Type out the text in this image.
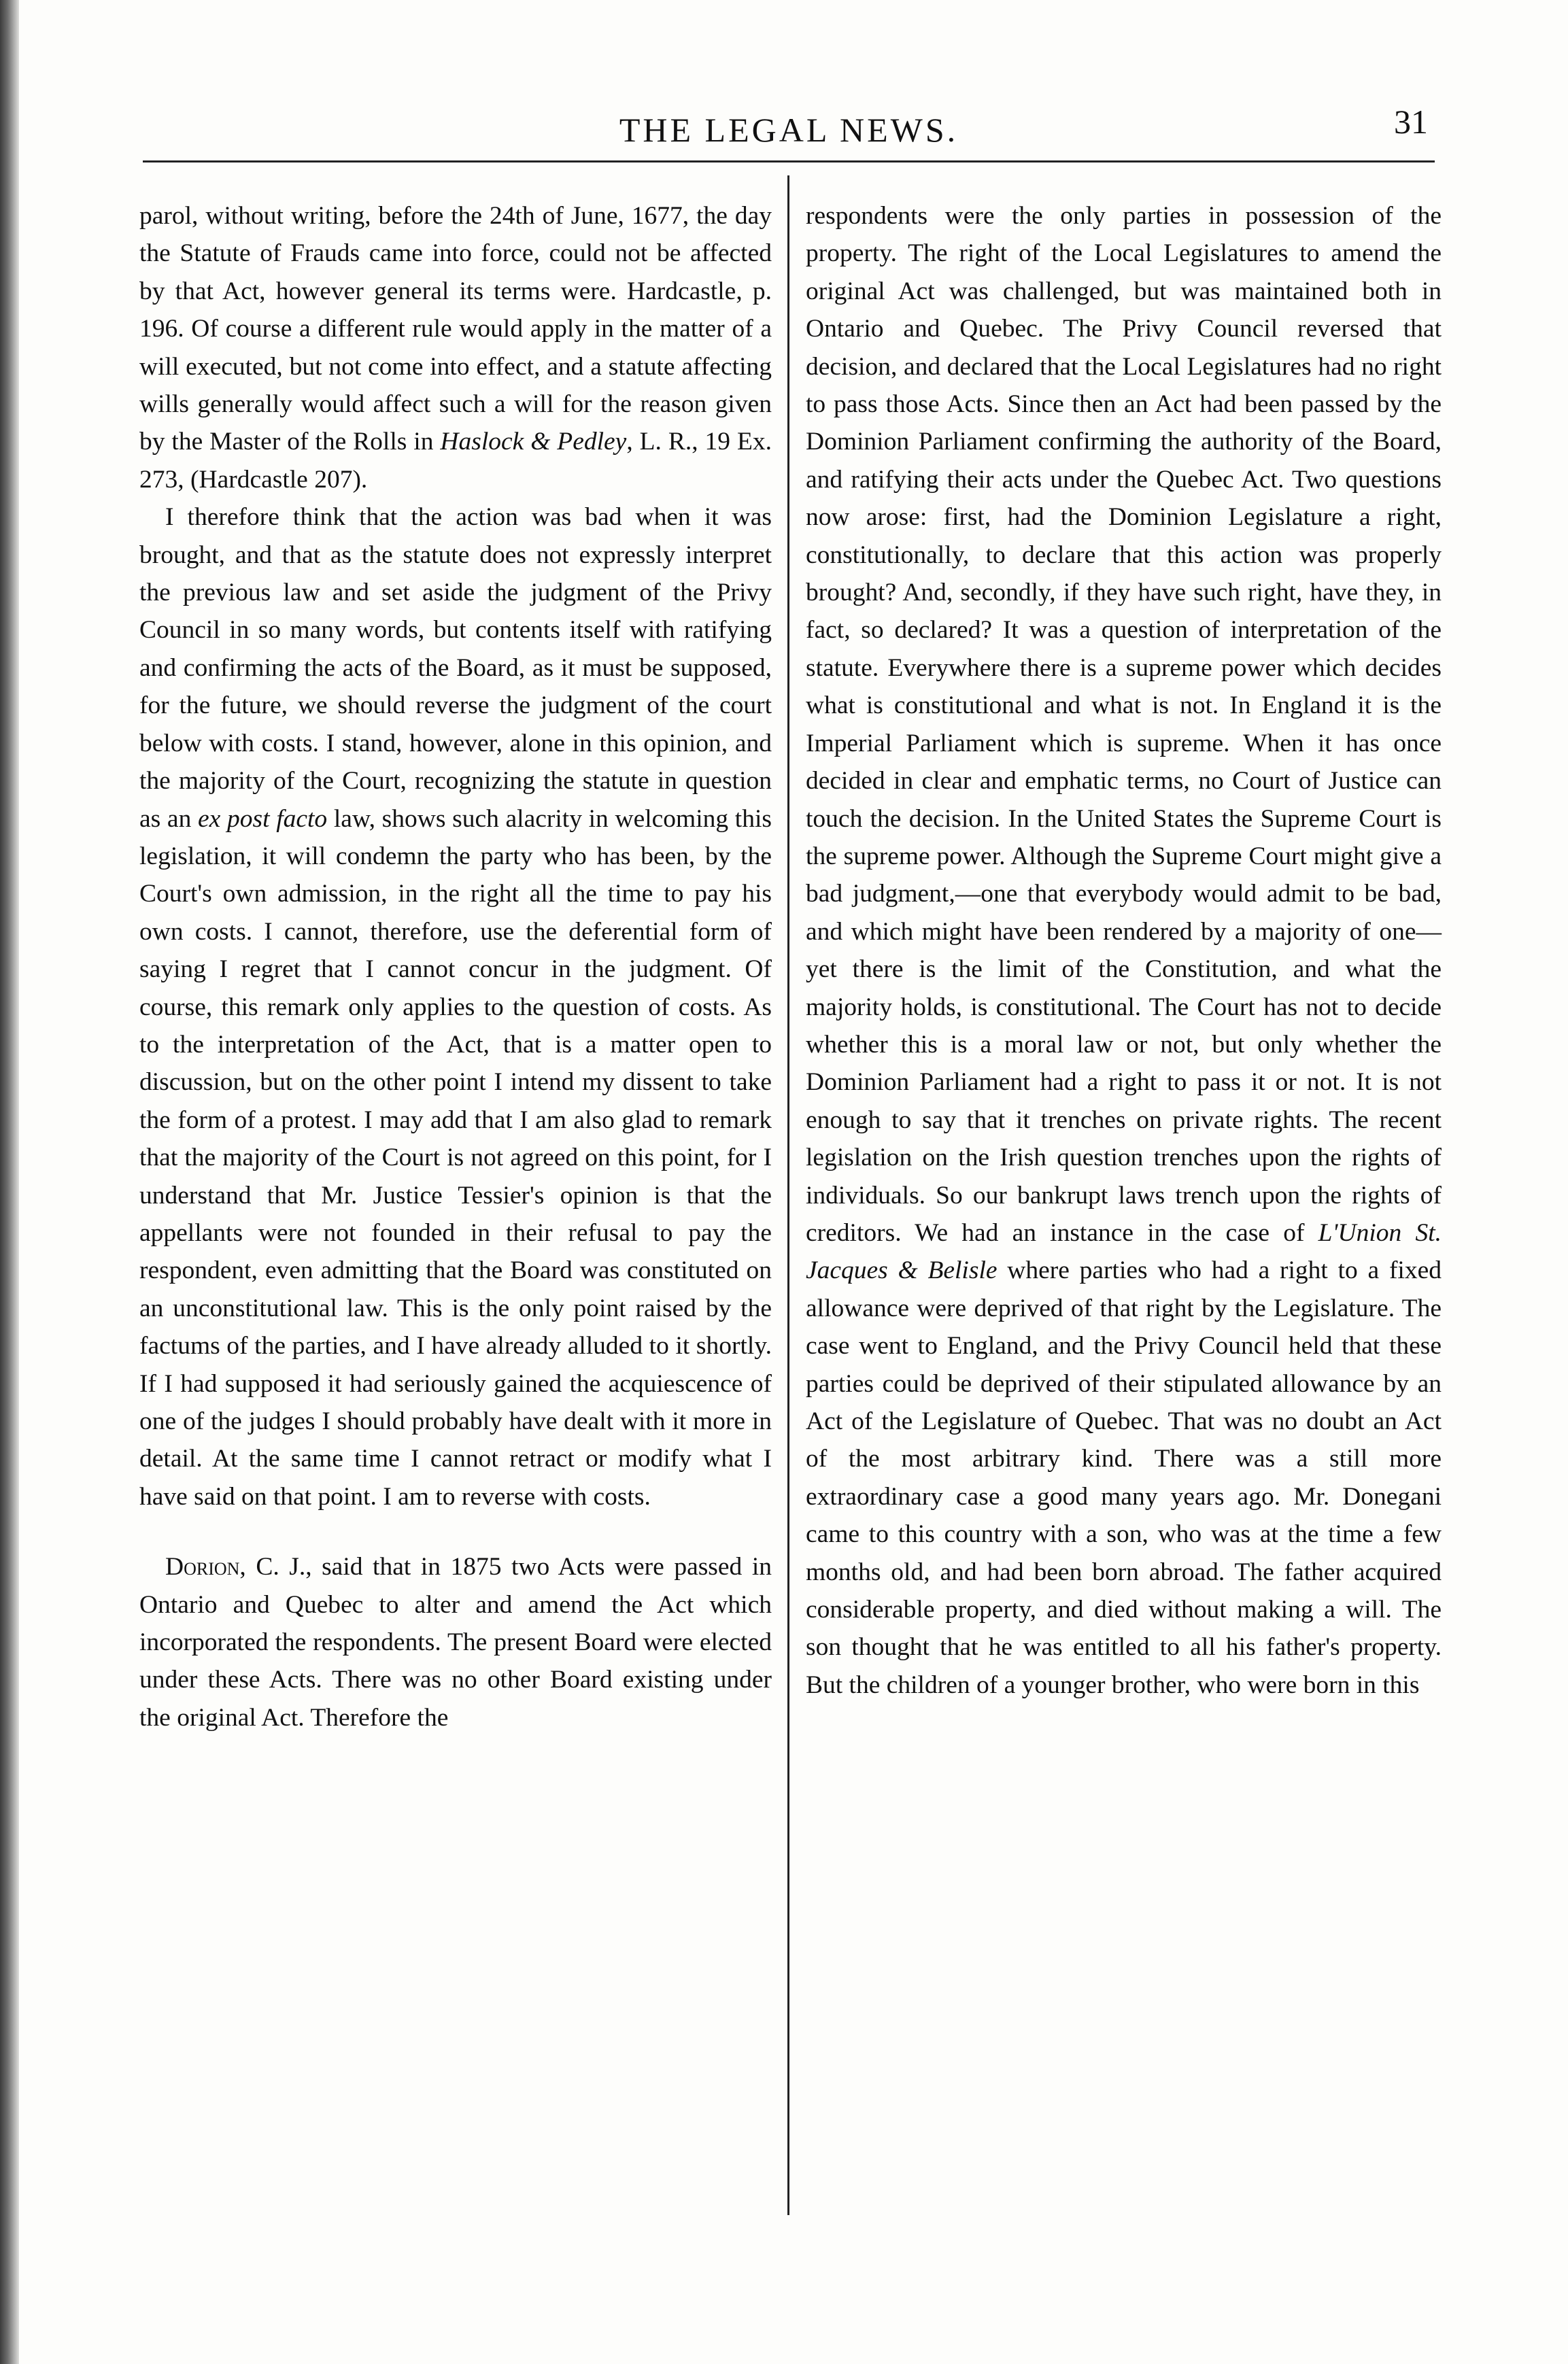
THE LEGAL NEWS.	31

parol, without writing, before the 24th of June, 1677, the day the Statute of Frauds came into force, could not be affected by that Act, however general its terms were. Hardcastle, p. 196. Of course a different rule would apply in the matter of a will executed, but not come into effect, and a statute affecting wills generally would affect such a will for the reason given by the Master of the Rolls in Haslock & Pedley, L. R., 19 Ex. 273, (Hardcastle 207).

I therefore think that the action was bad when it was brought, and that as the statute does not expressly interpret the previous law and set aside the judgment of the Privy Council in so many words, but contents itself with ratifying and confirming the acts of the Board, as it must be supposed, for the future, we should reverse the judgment of the court below with costs. I stand, however, alone in this opinion, and the majority of the Court, recognizing the statute in question as an ex post facto law, shows such alacrity in welcoming this legislation, it will condemn the party who has been, by the Court's own admission, in the right all the time to pay his own costs. I cannot, therefore, use the deferential form of saying I regret that I cannot concur in the judgment. Of course, this remark only applies to the question of costs. As to the interpretation of the Act, that is a matter open to discussion, but on the other point I intend my dissent to take the form of a protest. I may add that I am also glad to remark that the majority of the Court is not agreed on this point, for I understand that Mr. Justice Tessier's opinion is that the appellants were not founded in their refusal to pay the respondent, even admitting that the Board was constituted on an unconstitutional law. This is the only point raised by the factums of the parties, and I have already alluded to it shortly. If I had supposed it had seriously gained the acquiescence of one of the judges I should probably have dealt with it more in detail. At the same time I cannot retract or modify what I have said on that point. I am to reverse with costs.

Dorion, C. J., said that in 1875 two Acts were passed in Ontario and Quebec to alter and amend the Act which incorporated the respondents. The present Board were elected under these Acts. There was no other Board existing under the original Act. Therefore the

respondents were the only parties in possession of the property. The right of the Local Legislatures to amend the original Act was challenged, but was maintained both in Ontario and Quebec. The Privy Council reversed that decision, and declared that the Local Legislatures had no right to pass those Acts. Since then an Act had been passed by the Dominion Parliament confirming the authority of the Board, and ratifying their acts under the Quebec Act. Two questions now arose: first, had the Dominion Legislature a right, constitutionally, to declare that this action was properly brought? And, secondly, if they have such right, have they, in fact, so declared? It was a question of interpretation of the statute. Everywhere there is a supreme power which decides what is constitutional and what is not. In England it is the Imperial Parliament which is supreme. When it has once decided in clear and emphatic terms, no Court of Justice can touch the decision. In the United States the Supreme Court is the supreme power. Although the Supreme Court might give a bad judgment,—one that everybody would admit to be bad, and which might have been rendered by a majority of one—yet there is the limit of the Constitution, and what the majority holds, is constitutional. The Court has not to decide whether this is a moral law or not, but only whether the Dominion Parliament had a right to pass it or not. It is not enough to say that it trenches on private rights. The recent legislation on the Irish question trenches upon the rights of individuals. So our bankrupt laws trench upon the rights of creditors. We had an instance in the case of L'Union St. Jacques & Belisle where parties who had a right to a fixed allowance were deprived of that right by the Legislature. The case went to England, and the Privy Council held that these parties could be deprived of their stipulated allowance by an Act of the Legislature of Quebec. That was no doubt an Act of the most arbitrary kind. There was a still more extraordinary case a good many years ago. Mr. Donegani came to this country with a son, who was at the time a few months old, and had been born abroad. The father acquired considerable property, and died without making a will. The son thought that he was entitled to all his father's property. But the children of a younger brother, who were born in this
